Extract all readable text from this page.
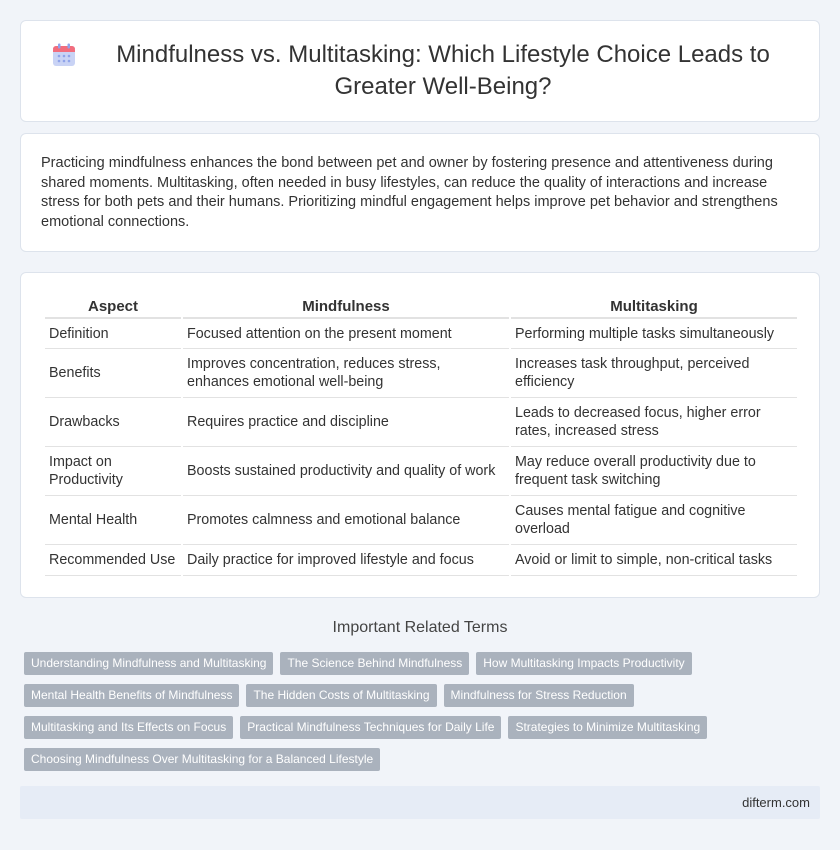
Mindfulness vs. Multitasking: Which Lifestyle Choice Leads to Greater Well-Being?

Practicing mindfulness enhances the bond between pet and owner by fostering presence and attentiveness during shared moments. Multitasking, often needed in busy lifestyles, can reduce the quality of interactions and increase stress for both pets and their humans. Prioritizing mindful engagement helps improve pet behavior and strengthens emotional connections.

Aspect	Mindfulness	Multitasking
Definition	Focused attention on the present moment	Performing multiple tasks simultaneously
Benefits	Improves concentration, reduces stress, enhances emotional well-being	Increases task throughput, perceived efficiency
Drawbacks	Requires practice and discipline	Leads to decreased focus, higher error rates, increased stress
Impact on Productivity	Boosts sustained productivity and quality of work	May reduce overall productivity due to frequent task switching
Mental Health	Promotes calmness and emotional balance	Causes mental fatigue and cognitive overload
Recommended Use	Daily practice for improved lifestyle and focus	Avoid or limit to simple, non-critical tasks
Important Related Terms
Understanding Mindfulness and Multitasking	The Science Behind Mindfulness	How Multitasking Impacts Productivity
Mental Health Benefits of Mindfulness	The Hidden Costs of Multitasking	Mindfulness for Stress Reduction
Multitasking and Its Effects on Focus	Practical Mindfulness Techniques for Daily Life	Strategies to Minimize Multitasking
Choosing Mindfulness Over Multitasking for a Balanced Lifestyle
difterm.com
